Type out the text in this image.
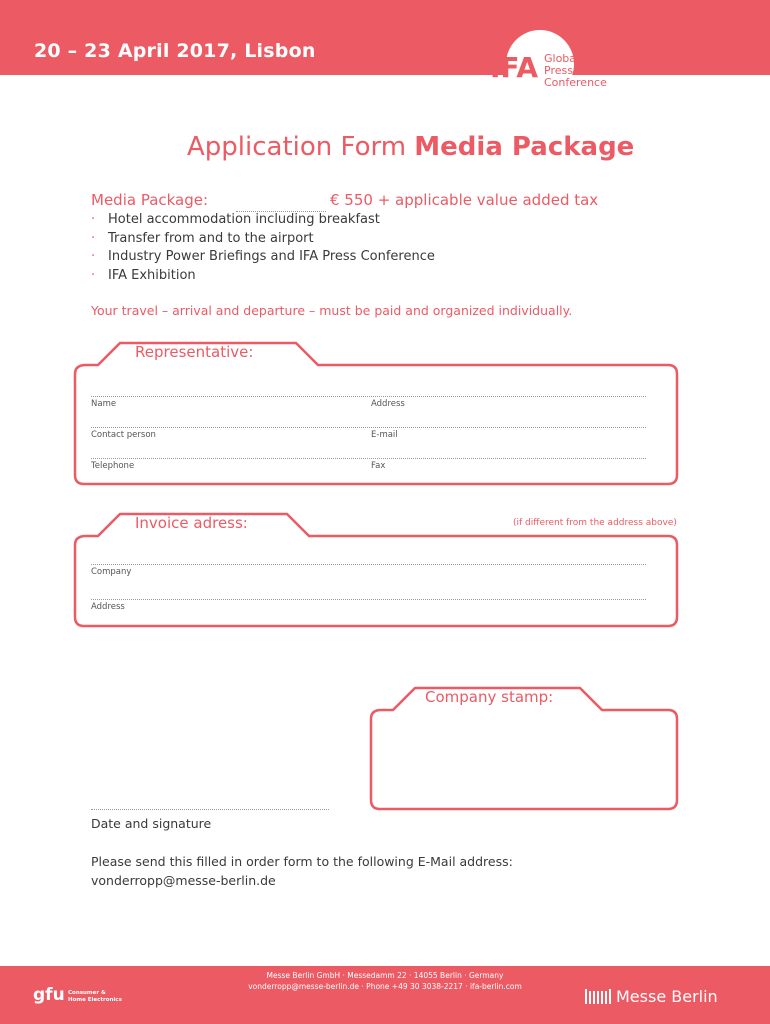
20 – 23 April 2017, Lisbon	IFA Global
Press
Conference
Application Form Media Package
Media Package:	€ 550 + applicable value added tax
· Hotel accommodation including breakfast
· Transfer from and to the airport
· Industry Power Briefings and IFA Press Conference
· IFA Exhibition
Your travel – arrival and departure – must be paid and organized individually.
Representative:
Name	Address
Contact person	E-mail
Telephone	Fax
Invoice adress:	(if different from the address above)
Company
Address
Company stamp:
Date and signature
Please send this filled in order form to the following E-Mail address:
vonderropp@messe-berlin.de
Messe Berlin GmbH · Messedamm 22 · 14055 Berlin · Germany
vonderropp@messe-berlin.de · Phone +49 30 3038-2217 · ifa-berlin.com
gfu Consumer &
Home Electronics	Messe Berlin
